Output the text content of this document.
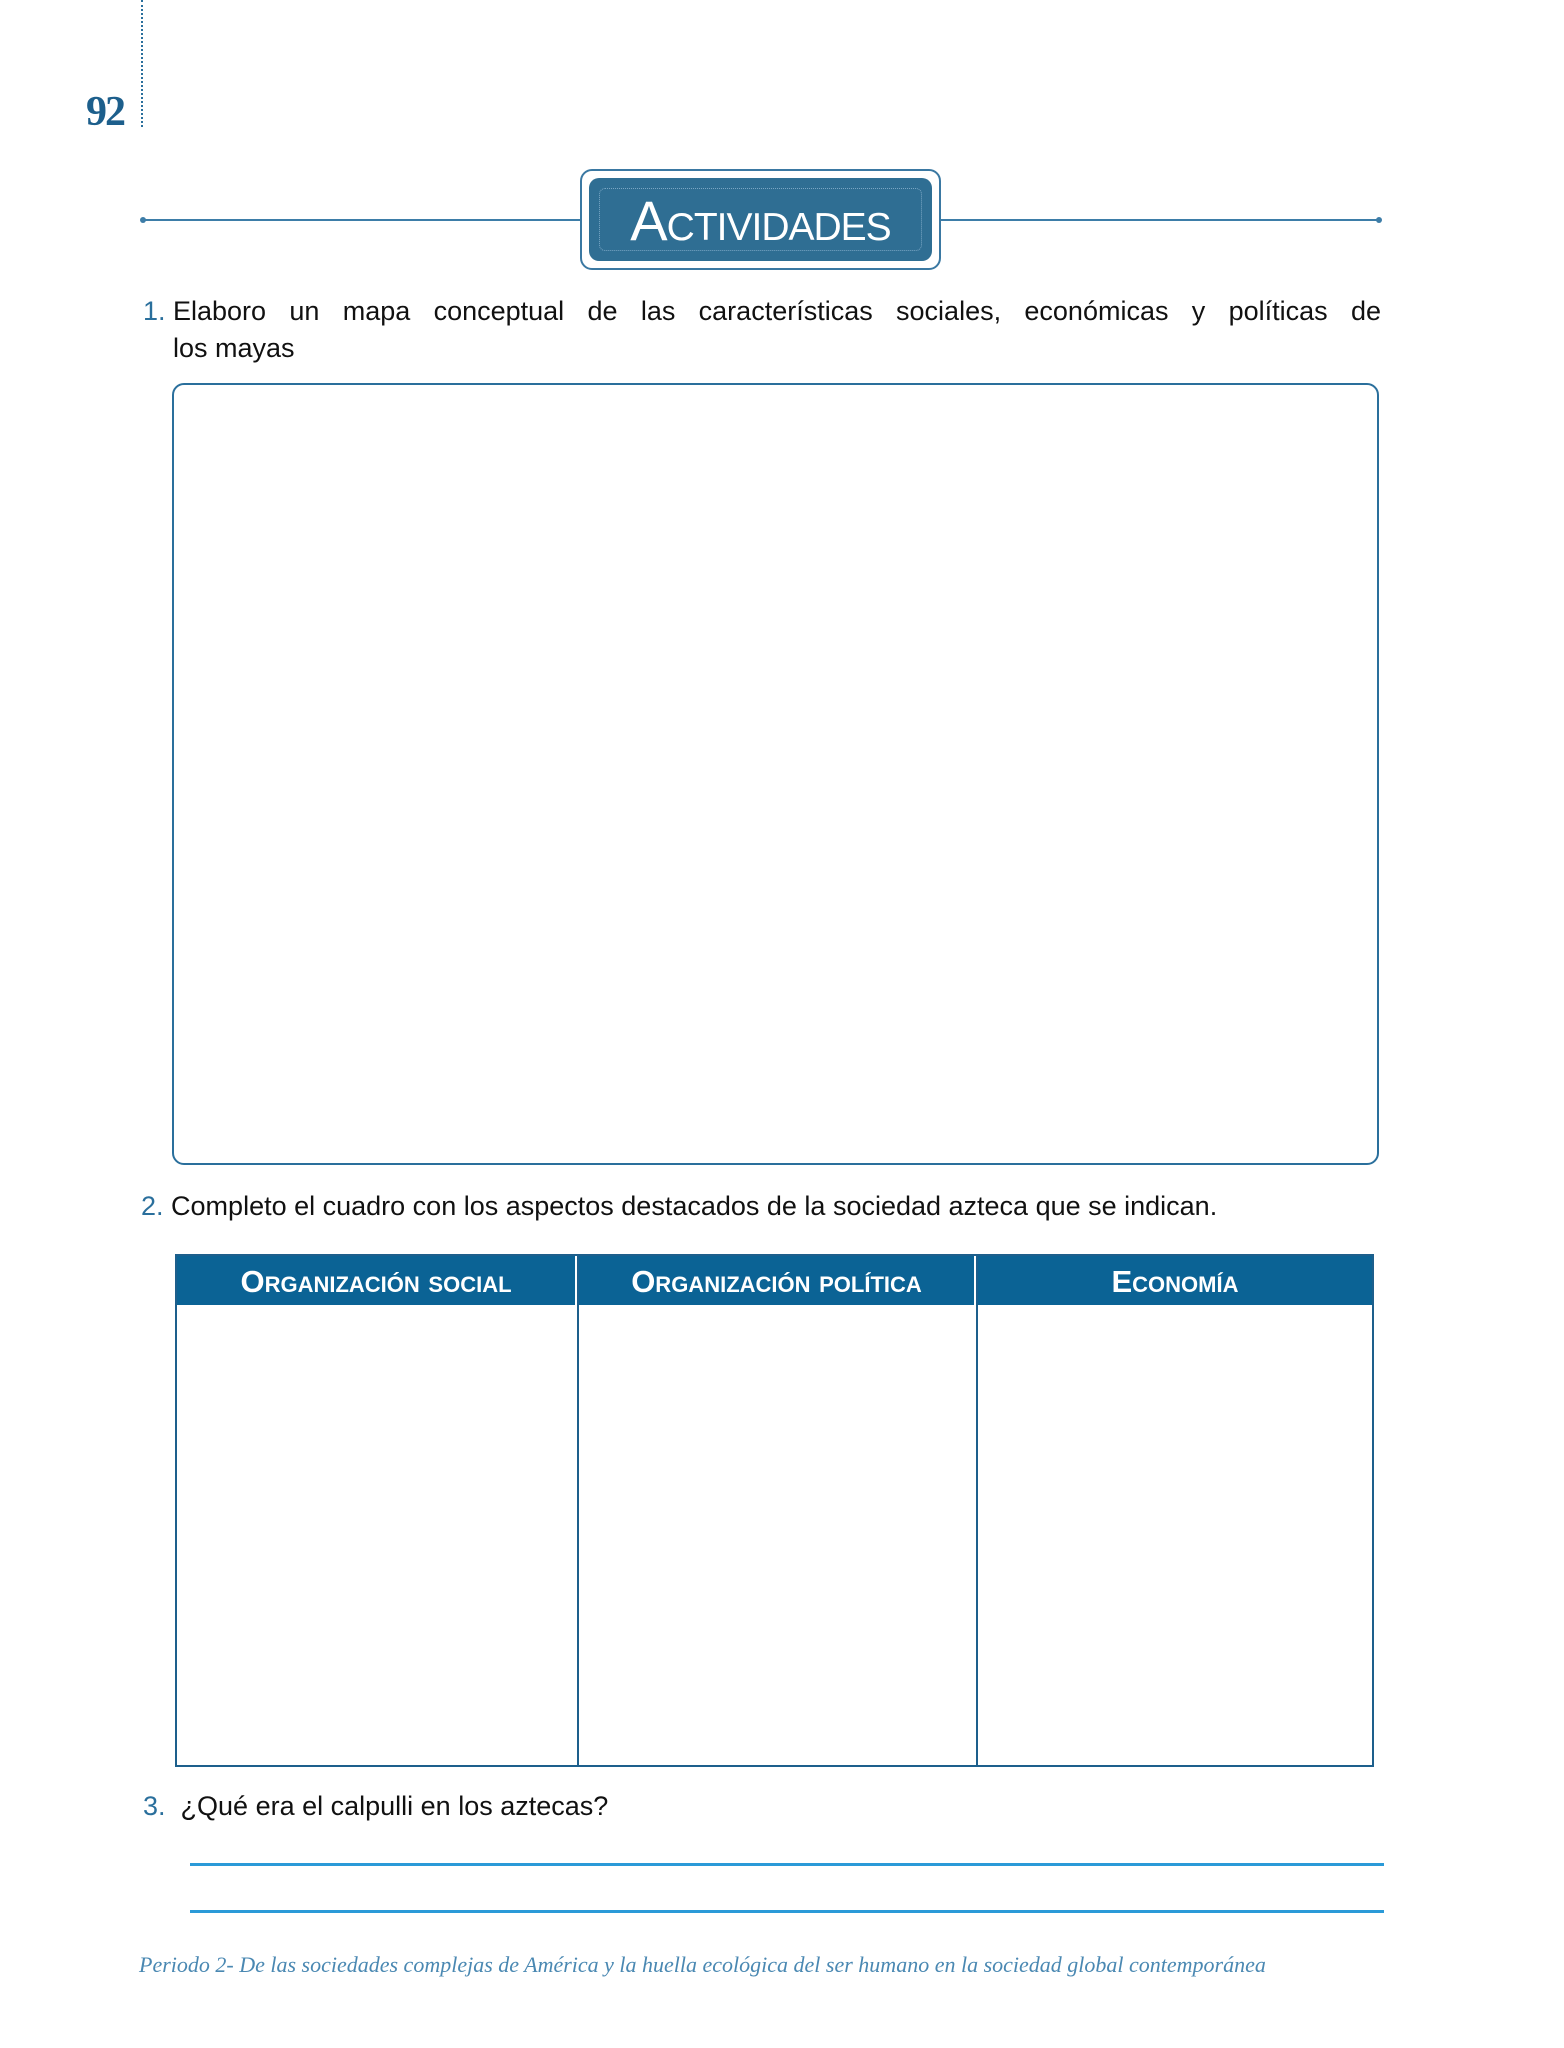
92
Actividades
1. Elaboro un mapa conceptual de las características sociales, económicas y políticas de
los mayas
2. Completo el cuadro con los aspectos destacados de la sociedad azteca que se indican.
Organización social	Organización política	Economía
3. ¿Qué era el calpulli en los aztecas?
Periodo 2- De las sociedades complejas de América y la huella ecológica del ser humano en la sociedad global contemporánea
